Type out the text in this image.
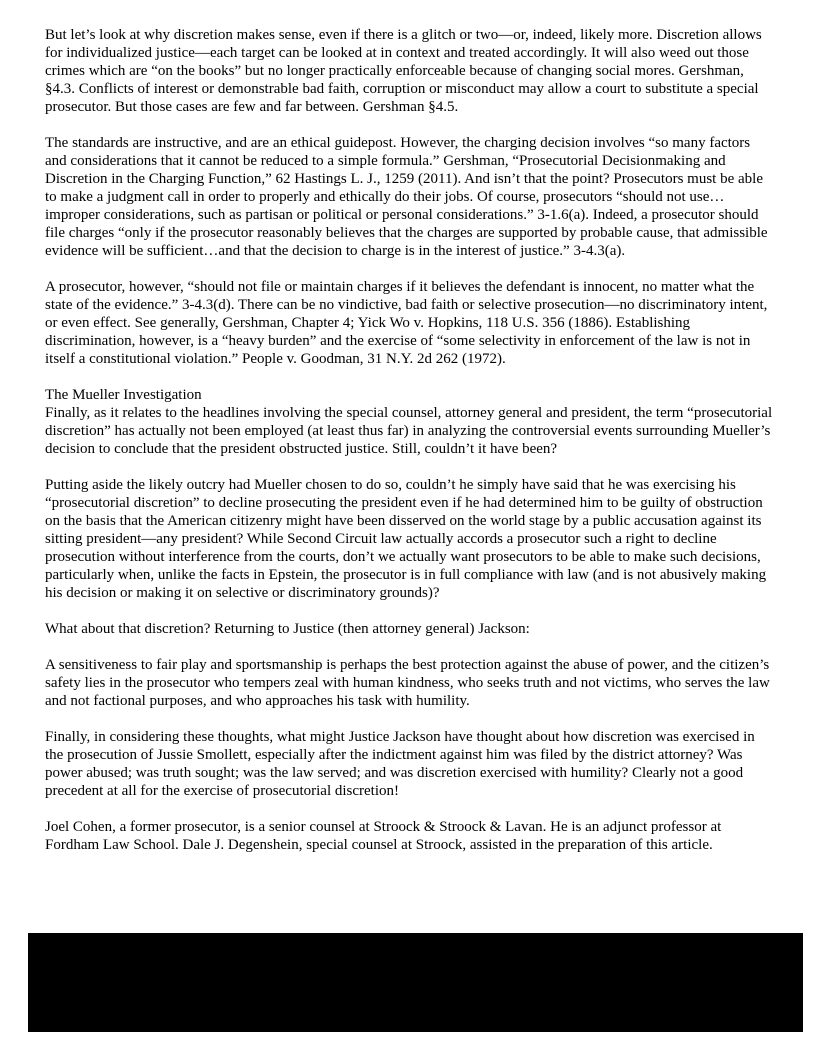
But let’s look at why discretion makes sense, even if there is a glitch or two—or, indeed, likely more. Discretion allows for individualized justice—each target can be looked at in context and treated accordingly. It will also weed out those crimes which are “on the books” but no longer practically enforceable because of changing social mores. Gershman, §4.3. Conflicts of interest or demonstrable bad faith, corruption or misconduct may allow a court to substitute a special prosecutor. But those cases are few and far between. Gershman §4.5.

The standards are instructive, and are an ethical guidepost. However, the charging decision involves “so many factors and considerations that it cannot be reduced to a simple formula.” Gershman, “Prosecutorial Decisionmaking and Discretion in the Charging Function,” 62 Hastings L. J., 1259 (2011). And isn’t that the point? Prosecutors must be able to make a judgment call in order to properly and ethically do their jobs. Of course, prosecutors “should not use…improper considerations, such as partisan or political or personal considerations.” 3-1.6(a). Indeed, a prosecutor should file charges “only if the prosecutor reasonably believes that the charges are supported by probable cause, that admissible evidence will be sufficient…and that the decision to charge is in the interest of justice.” 3-4.3(a).

A prosecutor, however, “should not file or maintain charges if it believes the defendant is innocent, no matter what the state of the evidence.” 3-4.3(d). There can be no vindictive, bad faith or selective prosecution—no discriminatory intent, or even effect. See generally, Gershman, Chapter 4; Yick Wo v. Hopkins, 118 U.S. 356 (1886). Establishing discrimination, however, is a “heavy burden” and the exercise of “some selectivity in enforcement of the law is not in itself a constitutional violation.” People v. Goodman, 31 N.Y. 2d 262 (1972).

The Mueller Investigation
Finally, as it relates to the headlines involving the special counsel, attorney general and president, the term “prosecutorial discretion” has actually not been employed (at least thus far) in analyzing the controversial events surrounding Mueller’s decision to conclude that the president obstructed justice. Still, couldn’t it have been?

Putting aside the likely outcry had Mueller chosen to do so, couldn’t he simply have said that he was exercising his “prosecutorial discretion” to decline prosecuting the president even if he had determined him to be guilty of obstruction on the basis that the American citizenry might have been disserved on the world stage by a public accusation against its sitting president—any president? While Second Circuit law actually accords a prosecutor such a right to decline prosecution without interference from the courts, don’t we actually want prosecutors to be able to make such decisions, particularly when, unlike the facts in Epstein, the prosecutor is in full compliance with law (and is not abusively making his decision or making it on selective or discriminatory grounds)?

What about that discretion? Returning to Justice (then attorney general) Jackson:

A sensitiveness to fair play and sportsmanship is perhaps the best protection against the abuse of power, and the citizen’s safety lies in the prosecutor who tempers zeal with human kindness, who seeks truth and not victims, who serves the law and not factional purposes, and who approaches his task with humility.

Finally, in considering these thoughts, what might Justice Jackson have thought about how discretion was exercised in the prosecution of Jussie Smollett, especially after the indictment against him was filed by the district attorney? Was power abused; was truth sought; was the law served; and was discretion exercised with humility? Clearly not a good precedent at all for the exercise of prosecutorial discretion!

Joel Cohen, a former prosecutor, is a senior counsel at Stroock & Stroock & Lavan. He is an adjunct professor at Fordham Law School. Dale J. Degenshein, special counsel at Stroock, assisted in the preparation of this article.
